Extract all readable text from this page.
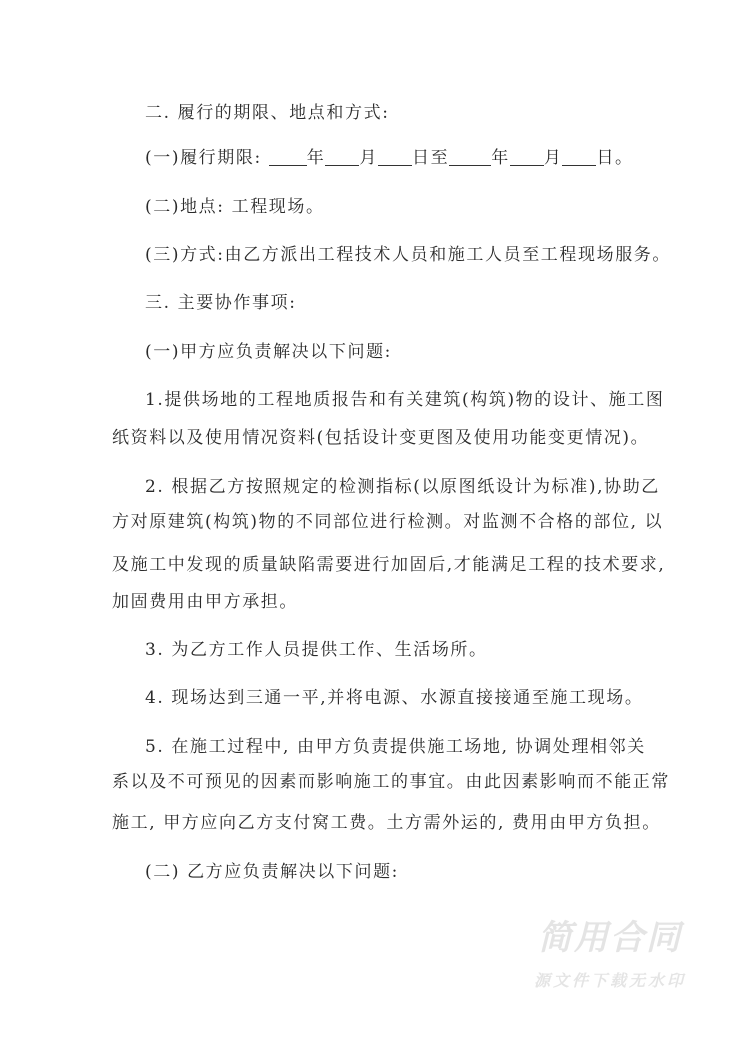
二. 履行的期限、地点和方式:
(一)履行期限: 年 月 日至 年 月 日。
(二)地点: 工程现场。
(三)方式:由乙方派出工程技术人员和施工人员至工程现场服务。
三. 主要协作事项:
(一)甲方应负责解决以下问题:
1.提供场地的工程地质报告和有关建筑(构筑)物的设计、施工图
纸资料以及使用情况资料(包括设计变更图及使用功能变更情况)。
2. 根据乙方按照规定的检测指标(以原图纸设计为标准),协助乙
方对原建筑(构筑)物的不同部位进行检测。对监测不合格的部位, 以
及施工中发现的质量缺陷需要进行加固后,才能满足工程的技术要求,
加固费用由甲方承担。
3. 为乙方工作人员提供工作、生活场所。
4. 现场达到三通一平,并将电源、水源直接接通至施工现场。
5. 在施工过程中, 由甲方负责提供施工场地, 协调处理相邻关
系以及不可预见的因素而影响施工的事宜。由此因素影响而不能正常
施工, 甲方应向乙方支付窝工费。土方需外运的, 费用由甲方负担。
(二) 乙方应负责解决以下问题:
简用合同
源文件下载无水印
